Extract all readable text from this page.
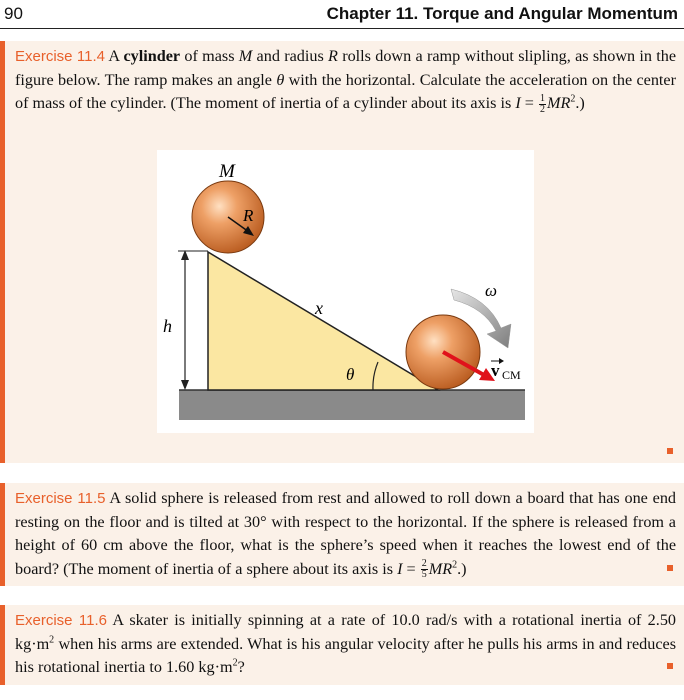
90	Chapter 11. Torque and Angular Momentum
Exercise 11.4 A cylinder of mass M and radius R rolls down a ramp without slipling, as shown in the figure below. The ramp makes an angle θ with the horizontal. Calculate the acceleration on the center of mass of the cylinder. (The moment of inertia of a cylinder about its axis is $I = \frac{1}{2} MR^2$.)
M
R
h
x
θ
ω
v CM
Exercise 11.5 A solid sphere is released from rest and allowed to roll down a board that has one end resting on the floor and is tilted at 30° with respect to the horizontal. If the sphere is released from a height of 60 cm above the floor, what is the sphere’s speed when it reaches the lowest end of the board? (The moment of inertia of a sphere about its axis is $I = \frac{2}{5} MR^2$.)
Exercise 11.6 A skater is initially spinning at a rate of 10.0 rad/s with a rotational inertia of 2.50 $kg\cdot m^2$ when his arms are extended. What is his angular velocity after he pulls his arms in and reduces his rotational inertia to 1.60 $kg\cdot m^2$?
